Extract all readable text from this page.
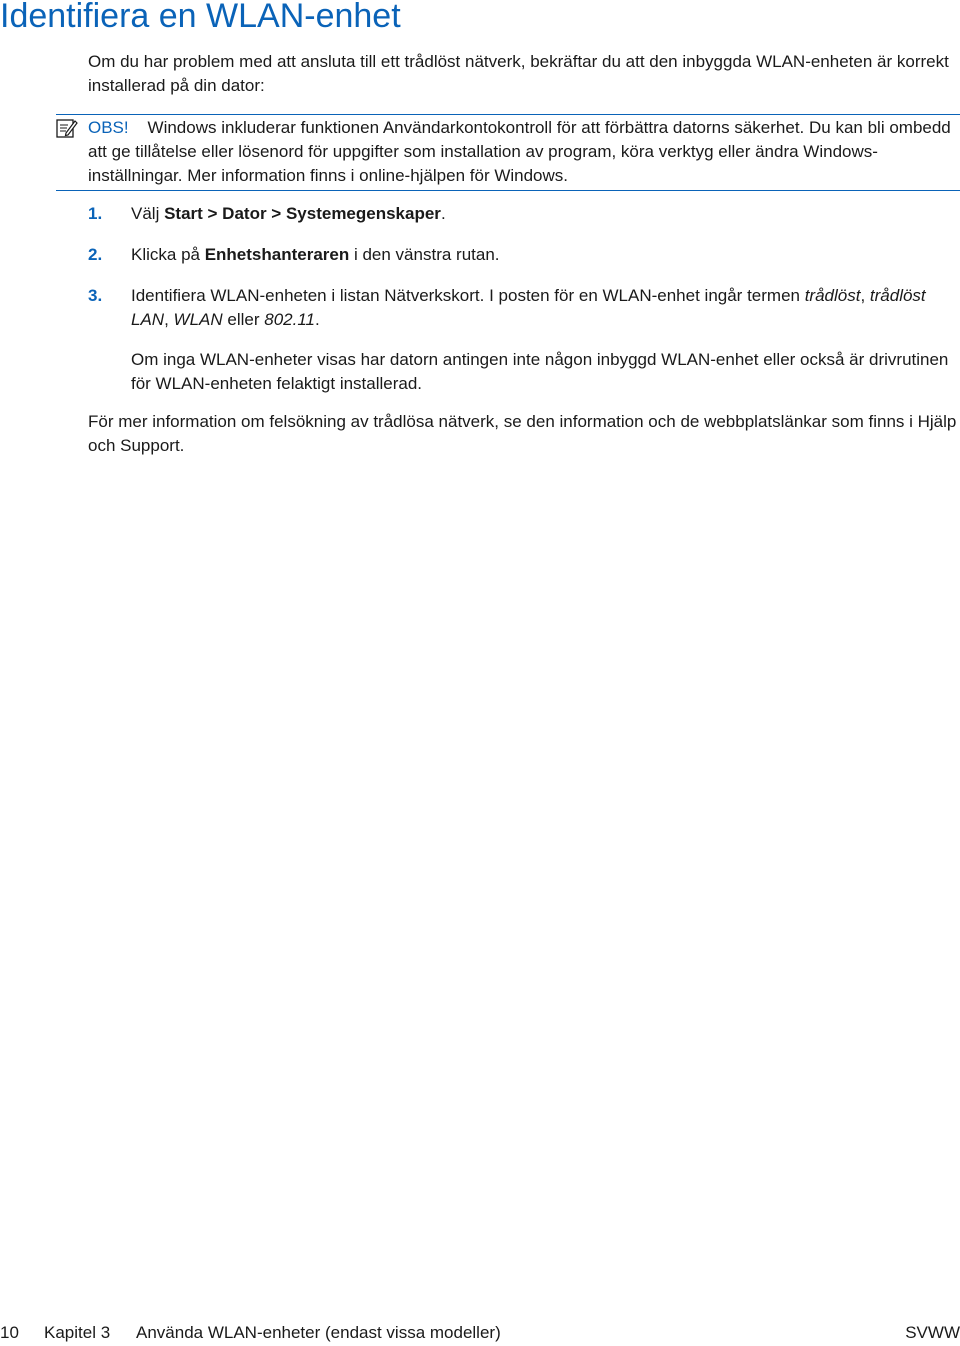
Identifiera en WLAN-enhet

Om du har problem med att ansluta till ett trådlöst nätverk, bekräftar du att den inbyggda WLAN-enheten är korrekt installerad på din dator:

OBS! Windows inkluderar funktionen Användarkontokontroll för att förbättra datorns säkerhet. Du kan bli ombedd att ge tillåtelse eller lösenord för uppgifter som installation av program, köra verktyg eller ändra Windows-inställningar. Mer information finns i online-hjälpen för Windows.

1. Välj Start > Dator > Systemegenskaper.

2. Klicka på Enhetshanteraren i den vänstra rutan.

3. Identifiera WLAN-enheten i listan Nätverkskort. I posten för en WLAN-enhet ingår termen trådlöst, trådlöst LAN, WLAN eller 802.11.

Om inga WLAN-enheter visas har datorn antingen inte någon inbyggd WLAN-enhet eller också är drivrutinen för WLAN-enheten felaktigt installerad.

För mer information om felsökning av trådlösa nätverk, se den information och de webbplatslänkar som finns i Hjälp och Support.

10 Kapitel 3 Använda WLAN-enheter (endast vissa modeller)	SVWW
